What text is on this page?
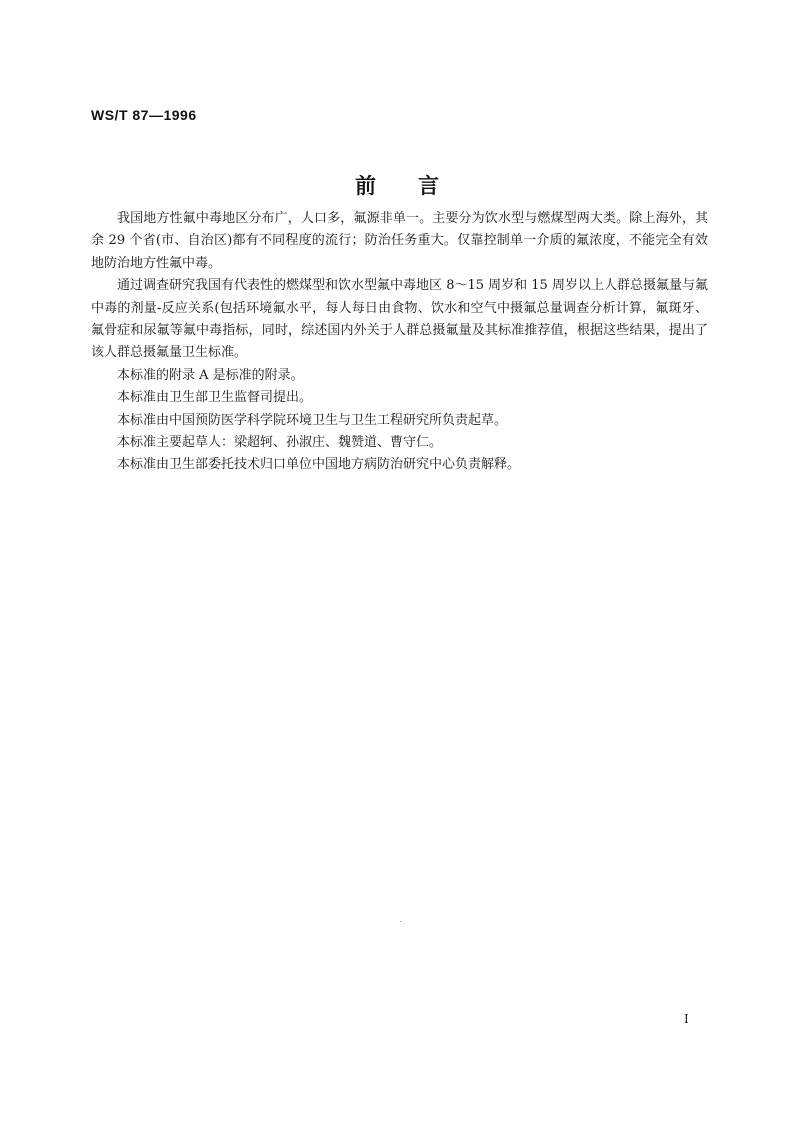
WS/T 87—1996
前言

我国地方性氟中毒地区分布广，人口多，氟源非单一。主要分为饮水型与燃煤型两大类。除上海外，其余 29 个省(市、自治区)都有不同程度的流行；防治任务重大。仅靠控制单一介质的氟浓度，不能完全有效地防治地方性氟中毒。

通过调查研究我国有代表性的燃煤型和饮水型氟中毒地区 8～15 周岁和 15 周岁以上人群总摄氟量与氟中毒的剂量-反应关系(包括环境氟水平，每人每日由食物、饮水和空气中摄氟总量调查分析计算，氟斑牙、氟骨症和尿氟等氟中毒指标，同时，综述国内外关于人群总摄氟量及其标准推荐值，根据这些结果，提出了该人群总摄氟量卫生标准。

本标准的附录 A 是标准的附录。

本标准由卫生部卫生监督司提出。

本标准由中国预防医学科学院环境卫生与卫生工程研究所负责起草。

本标准主要起草人：梁超轲、孙淑庄、魏赞道、曹守仁。

本标准由卫生部委托技术归口单位中国地方病防治研究中心负责解释。

I
